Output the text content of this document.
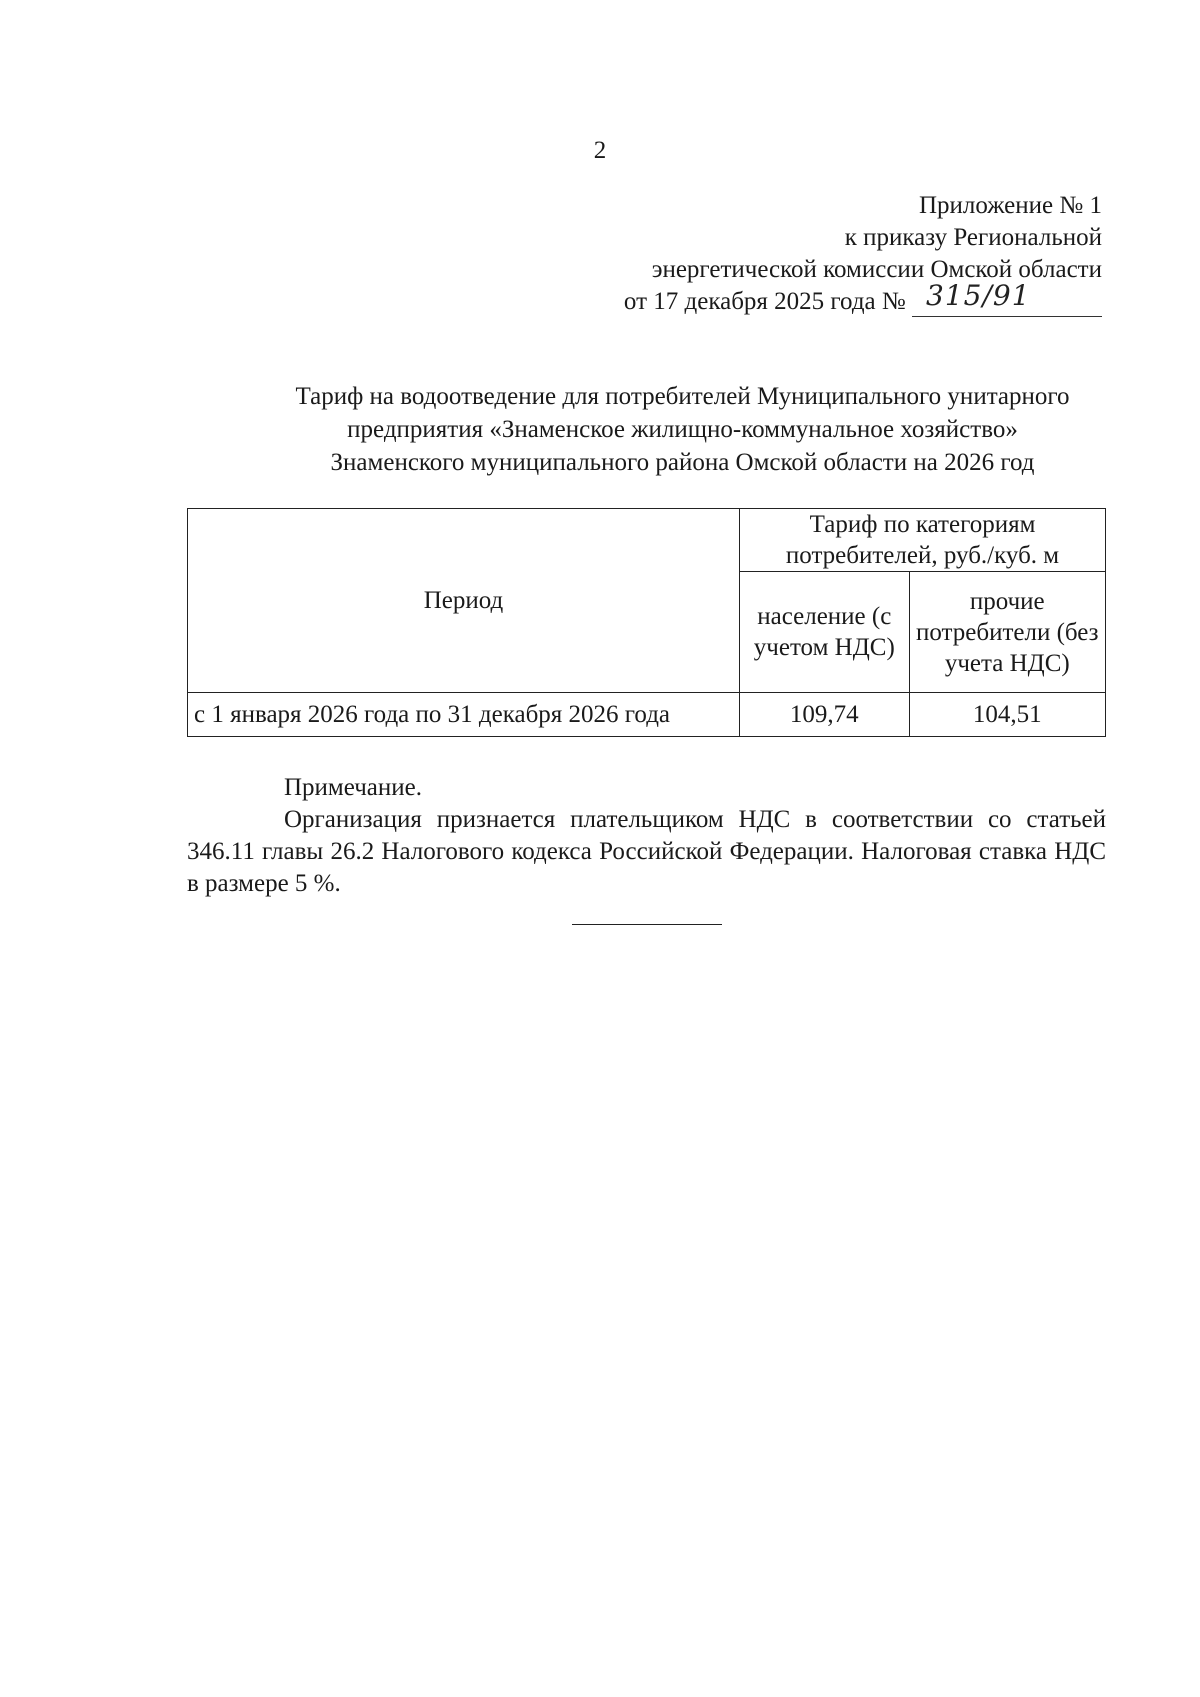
2
Приложение № 1
к приказу Региональной
энергетической комиссии Омской области
от 17 декабря 2025 года № 315/91
Тариф на водоотведение для потребителей Муниципального унитарного
предприятия «Знаменское жилищно-коммунальное хозяйство»
Знаменского муниципального района Омской области на 2026 год
Период	Тариф по категориям потребителей, руб./куб. м	
	население (с учетом НДС)	прочие потребители (без учета НДС)
с 1 января 2026 года по 31 декабря 2026 года	109,74	104,51
Примечание.
Организация признается плательщиком НДС в соответствии со статьей 346.11 главы 26.2 Налогового кодекса Российской Федерации. Налоговая ставка НДС в размере 5 %.
